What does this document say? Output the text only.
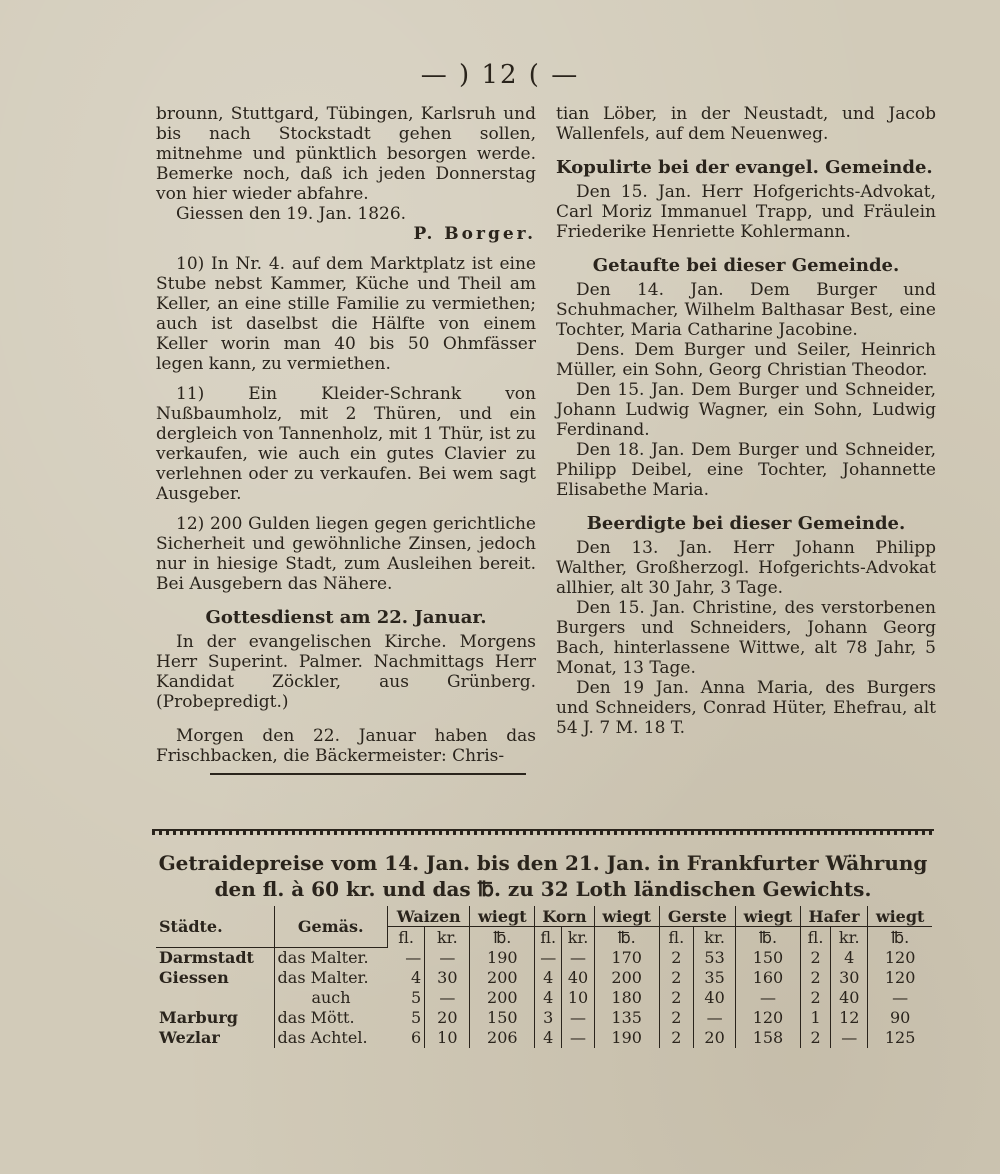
— ) 12 ( —

brounn, Stuttgard, Tübingen, Karlsruh und bis nach Stockstadt gehen sollen, mitnehme und pünktlich besorgen werde. Bemerke noch, daß ich jeden Donnerstag von hier wieder abfahre.

Giessen den 19. Jan. 1826.

P. Borger.

10) In Nr. 4. auf dem Marktplatz ist eine Stube nebst Kammer, Küche und Theil am Keller, an eine stille Familie zu vermiethen; auch ist daselbst die Hälfte von einem Keller worin man 40 bis 50 Ohmfässer legen kann, zu vermiethen.

11) Ein Kleider-Schrank von Nußbaumholz, mit 2 Thüren, und ein dergleich von Tannenholz, mit 1 Thür, ist zu verkaufen, wie auch ein gutes Clavier zu verlehnen oder zu verkaufen. Bei wem sagt Ausgeber.

12) 200 Gulden liegen gegen gerichtliche Sicherheit und gewöhnliche Zinsen, jedoch nur in hiesige Stadt, zum Ausleihen bereit. Bei Ausgebern das Nähere.

Gottesdienst am 22. Januar.

In der evangelischen Kirche. Morgens Herr Superint. Palmer. Nachmittags Herr Kandidat Zöckler, aus Grünberg. (Probepredigt.)

Morgen den 22. Januar haben das Frischbacken, die Bäckermeister: Chris-

tian Löber, in der Neustadt, und Jacob Wallenfels, auf dem Neuenweg.

Kopulirte bei der evangel. Gemeinde.

Den 15. Jan. Herr Hofgerichts-Advokat, Carl Moriz Immanuel Trapp, und Fräulein Friederike Henriette Kohlermann.

Getaufte bei dieser Gemeinde.

Den 14. Jan. Dem Burger und Schuhmacher, Wilhelm Balthasar Best, eine Tochter, Maria Catharine Jacobine.

Dens. Dem Burger und Seiler, Heinrich Müller, ein Sohn, Georg Christian Theodor.

Den 15. Jan. Dem Burger und Schneider, Johann Ludwig Wagner, ein Sohn, Ludwig Ferdinand.

Den 18. Jan. Dem Burger und Schneider, Philipp Deibel, eine Tochter, Johannette Elisabethe Maria.

Beerdigte bei dieser Gemeinde.

Den 13. Jan. Herr Johann Philipp Walther, Großherzogl. Hofgerichts-Advokat allhier, alt 30 Jahr, 3 Tage.

Den 15. Jan. Christine, des verstorbenen Burgers und Schneiders, Johann Georg Bach, hinterlassene Wittwe, alt 78 Jahr, 5 Monat, 13 Tage.

Den 19 Jan. Anna Maria, des Burgers und Schneiders, Conrad Hüter, Ehefrau, alt 54 J. 7 M. 18 T.

Getraidepreise vom 14. Jan. bis den 21. Jan. in Frankfurter Währung
den fl. à 60 kr. und das ℔. zu 32 Loth ländischen Gewichts.
Städte.	Gemäs.	Waizen		wiegt	Korn		wiegt	Gerste		wiegt	Hafer		wiegt
		fl.	kr.	℔.	fl.	kr.	℔.	fl.	kr.	℔.	fl.	kr.	℔.
Darmstadt	das Malter.	—	—	190	—	—	170	2	53	150	2	4	120
Giessen	das Malter.	4	30	200	4	40	200	2	35	160	2	30	120
	auch	5	—	200	4	10	180	2	40	—	2	40	—
Marburg	das Mött.	5	20	150	3	—	135	2	—	120	1	12	90
Wezlar	das Achtel.	6	10	206	4	—	190	2	20	158	2	—	125
